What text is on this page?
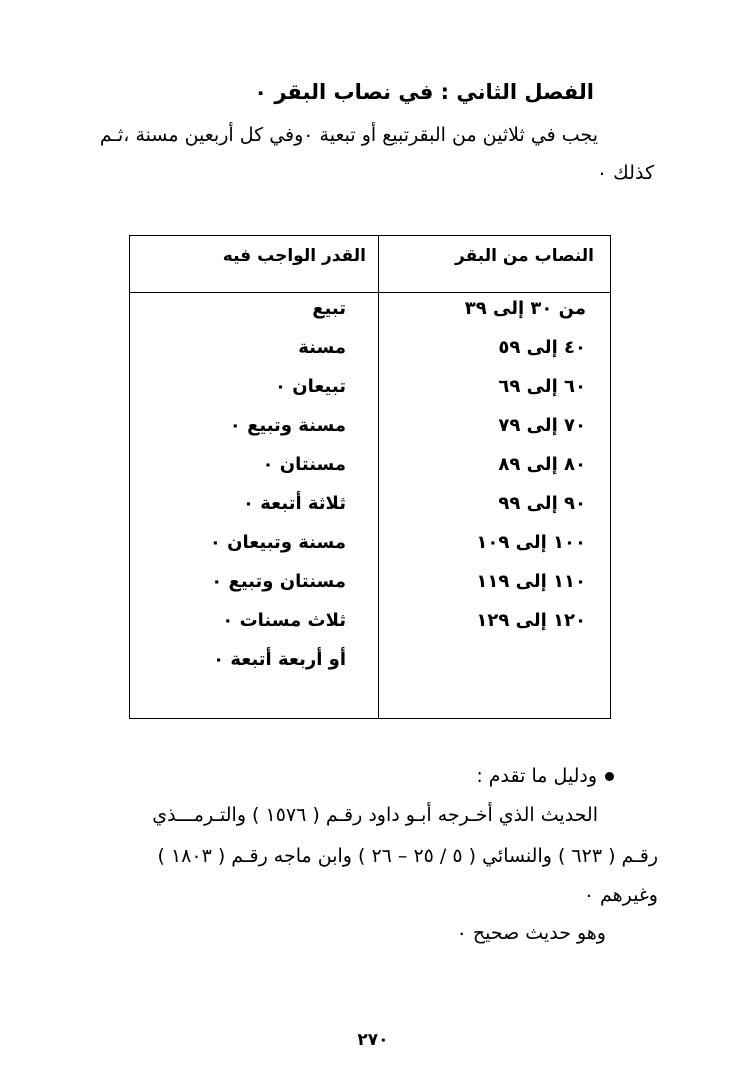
الفصل الثاني : في نصاب البقر ٠
يجب في ثلاثين من البقرتبيع أو تبعية ٠وفي كل أربعين مسنة ،ثـم
كذلك ٠
النصاب من البقر
القدر الواجب فيه
من ٣٠ إلى ٣٩
تبيع
٤٠ إلى ٥٩
مسنة
٦٠ إلى ٦٩
تبيعان ٠
٧٠ إلى ٧٩
مسنة وتبيع ٠
٨٠ إلى ٨٩
مسنتان ٠
٩٠ إلى ٩٩
ثلاثة أتبعة ٠
١٠٠ إلى ١٠٩
مسنة وتبيعان ٠
١١٠ إلى ١١٩
مسنتان وتبيع ٠
١٢٠ إلى ١٢٩
ثلاث مسنات ٠
أو أربعة أتبعة ٠
ودليل ما تقدم :
الحديث الذي أخـرجه أبـو داود رقـم ( ١٥٧٦ ) والتـرمـــذي
رقـم ( ٦٢٣ ) والنسائي ( ٥ / ٢٥ – ٢٦ ) وابن ماجه رقـم ( ١٨٠٣ )
وغيرهم ٠
وهو حديث صحيح ٠
٢٧٠
